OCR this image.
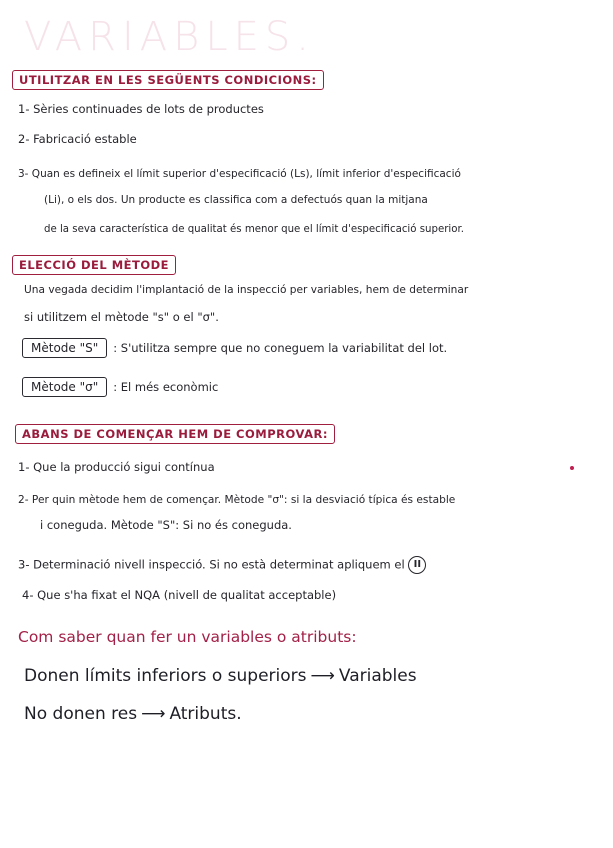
VARIABLES.
UTILITZAR EN LES SEGÜENTS CONDICIONS:
1- Sèries continuades de lots de productes
2- Fabricació estable
3- Quan es defineix el límit superior d'especificació (Ls), límit inferior d'especificació
(Li), o els dos. Un producte es classifica com a defectuós quan la mitjana
de la seva característica de qualitat és menor que el límit d'especificació superior.
ELECCIÓ DEL MÈTODE
Una vegada decidim l'implantació de la inspecció per variables, hem de determinar
si utilitzem el mètode "s" o el "σ".
Mètode "S" : S'utilitza sempre que no coneguem la variabilitat del lot.
Mètode "σ" : El més econòmic
ABANS DE COMENÇAR HEM DE COMPROVAR:
1- Que la producció sigui contínua
2- Per quin mètode hem de començar. Mètode "σ": si la desviació típica és estable
i coneguda. Mètode "S": Si no és coneguda.
3- Determinació nivell inspecció. Si no està determinat apliquem el II
4- Que s'ha fixat el NQA (nivell de qualitat acceptable)
Com saber quan fer un variables o atributs:
Donen límits inferiors o superiors ⟶ Variables
No donen res ⟶ Atributs.
